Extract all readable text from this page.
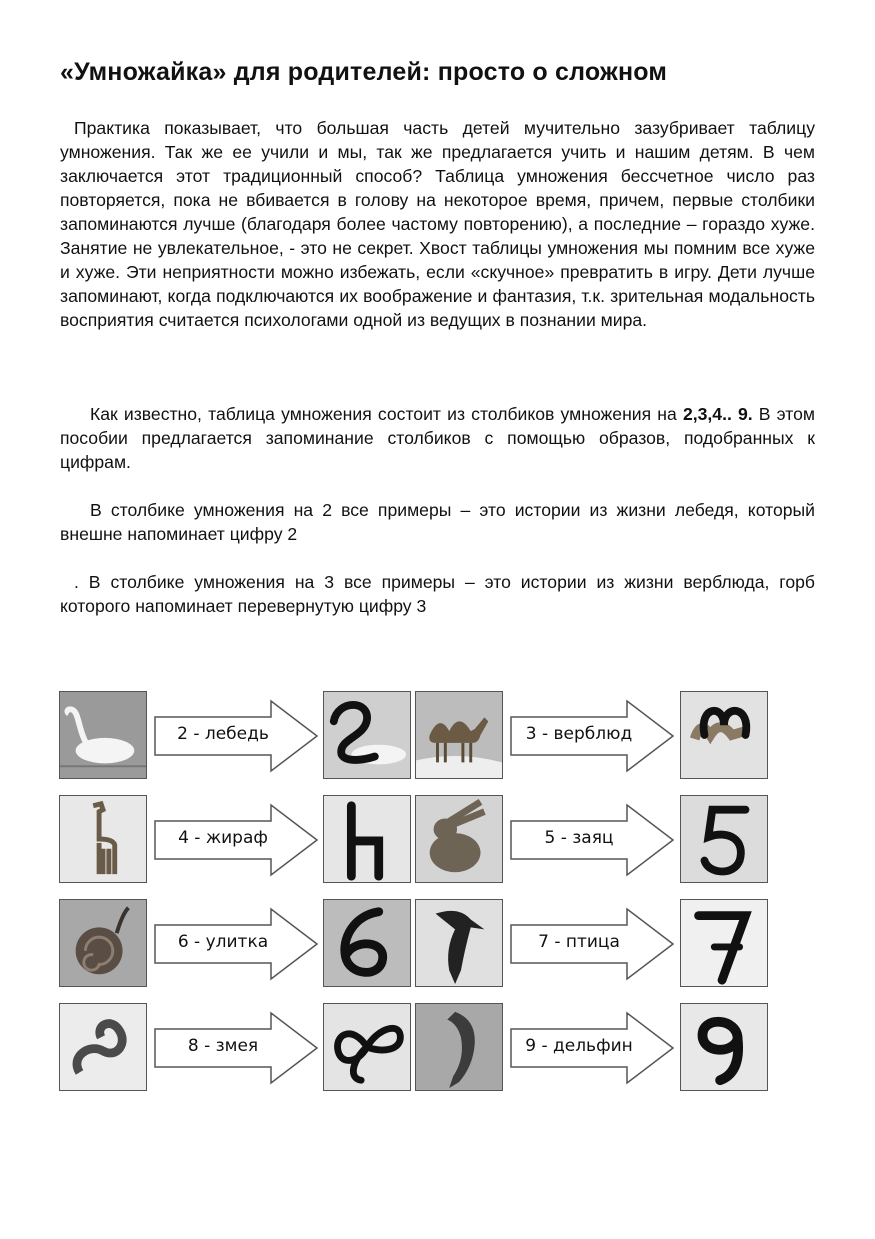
«Умножайка» для родителей: просто о сложном

Практика показывает, что большая часть детей мучительно зазубривает таблицу умножения. Так же ее учили и мы, так же предлагается учить и нашим детям. В чем заключается этот традиционный способ? Таблица умножения бессчетное число раз повторяется, пока не вбивается в голову на некоторое время, причем, первые столбики запоминаются лучше (благодаря более частому повторению), а последние – гораздо хуже. Занятие не увлекательное, - это не секрет. Хвост таблицы умножения мы помним все хуже и хуже. Эти неприятности можно избежать, если «скучное» превратить в игру. Дети лучше запоминают, когда подключаются их воображение и фантазия, т.к. зрительная модальность восприятия считается психологами одной из ведущих в познании мира.

Как известно, таблица умножения состоит из столбиков умножения на 2,3,4.. 9. В этом пособии предлагается запоминание столбиков с помощью образов, подобранных к цифрам.

В столбике умножения на 2 все примеры – это истории из жизни лебедя, который внешне напоминает цифру 2

. В столбике умножения на 3 все примеры – это истории из жизни верблюда, горб которого напоминает перевернутую цифру 3

2 - лебедь	3 - верблюд
4 - жираф	5 - заяц
6 - улитка	7 - птица
8 - змея	9 - дельфин
